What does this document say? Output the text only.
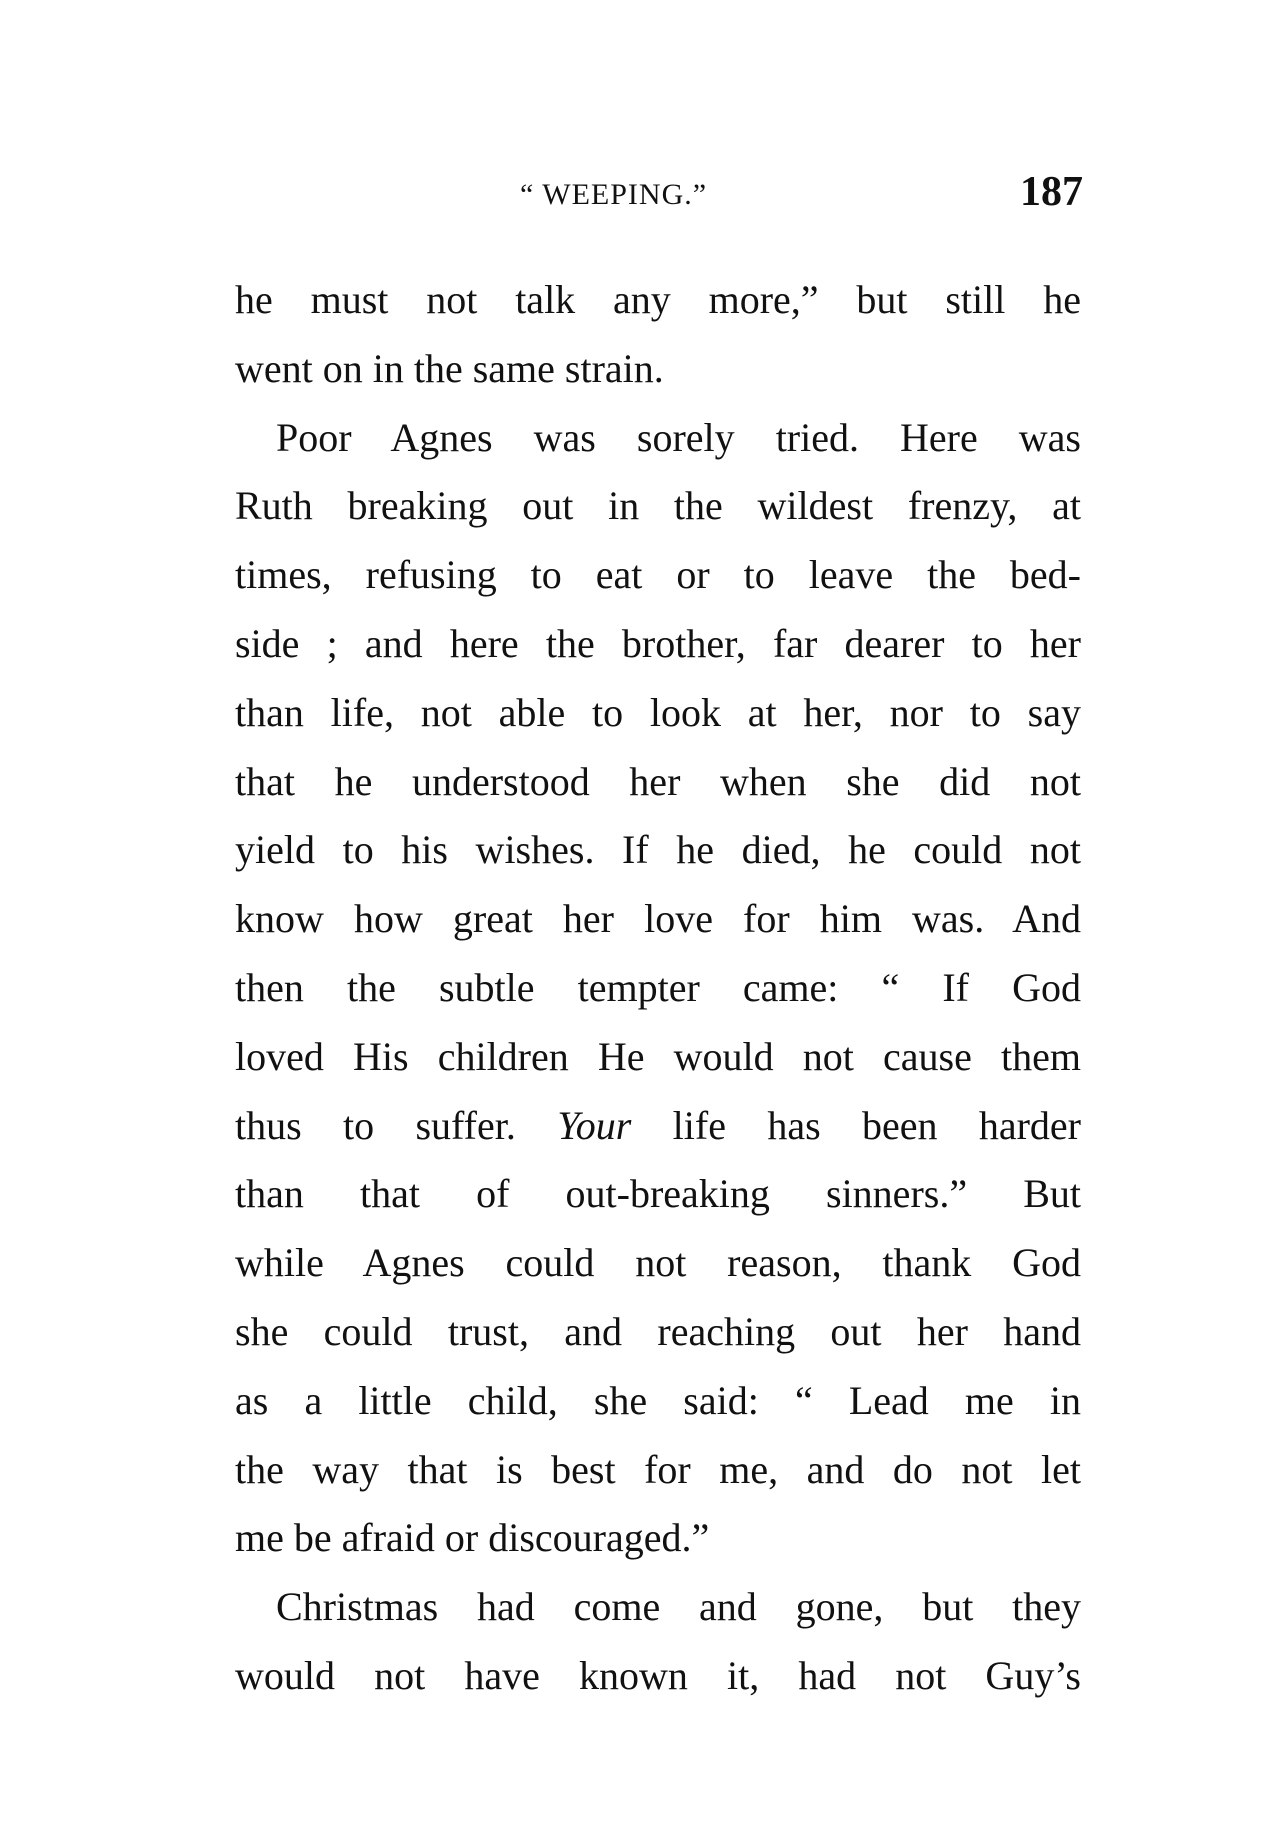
“ WEEPING.”	187
he must not talk any more,” but still he
went on in the same strain.
Poor Agnes was sorely tried. Here was
Ruth breaking out in the wildest frenzy, at
times, refusing to eat or to leave the bed-
side ; and here the brother, far dearer to her
than life, not able to look at her, nor to say
that he understood her when she did not
yield to his wishes. If he died, he could not
know how great her love for him was. And
then the subtle tempter came: “ If God
loved His children He would not cause them
thus to suffer. Your life has been harder
than that of out-breaking sinners.” But
while Agnes could not reason, thank God
she could trust, and reaching out her hand
as a little child, she said: “ Lead me in
the way that is best for me, and do not let
me be afraid or discouraged.”
Christmas had come and gone, but they
would not have known it, had not Guy’s
